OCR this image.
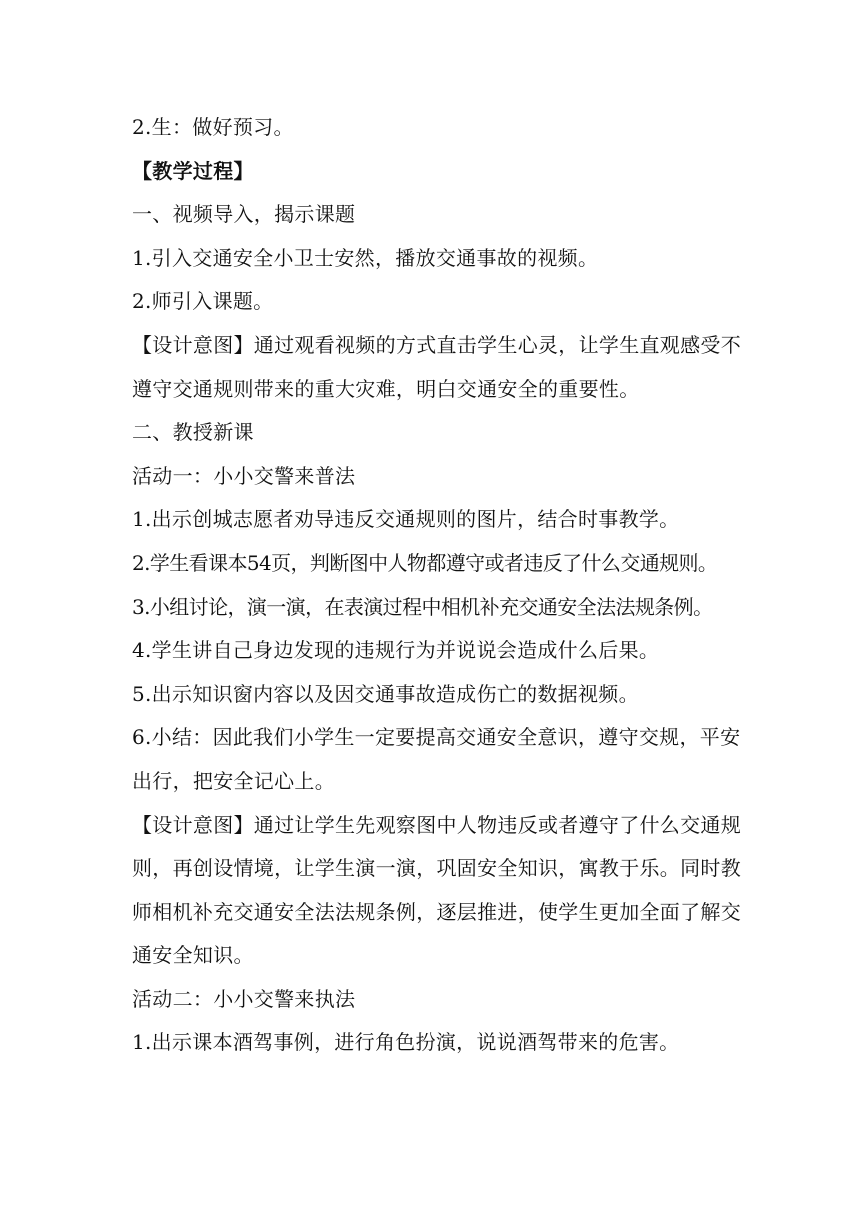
2.生：做好预习。
【教学过程】
一、视频导入，揭示课题
1.引入交通安全小卫士安然，播放交通事故的视频。
2.师引入课题。
【设计意图】通过观看视频的方式直击学生心灵，让学生直观感受不
遵守交通规则带来的重大灾难，明白交通安全的重要性。
二、教授新课
活动一：小小交警来普法
1.出示创城志愿者劝导违反交通规则的图片，结合时事教学。
2.学生看课本54页，判断图中人物都遵守或者违反了什么交通规则。
3.小组讨论，演一演，在表演过程中相机补充交通安全法法规条例。
4.学生讲自己身边发现的违规行为并说说会造成什么后果。
5.出示知识窗内容以及因交通事故造成伤亡的数据视频。
6.小结：因此我们小学生一定要提高交通安全意识，遵守交规，平安
出行，把安全记心上。
【设计意图】通过让学生先观察图中人物违反或者遵守了什么交通规
则，再创设情境，让学生演一演，巩固安全知识，寓教于乐。同时教
师相机补充交通安全法法规条例，逐层推进，使学生更加全面了解交
通安全知识。
活动二：小小交警来执法
1.出示课本酒驾事例，进行角色扮演，说说酒驾带来的危害。
